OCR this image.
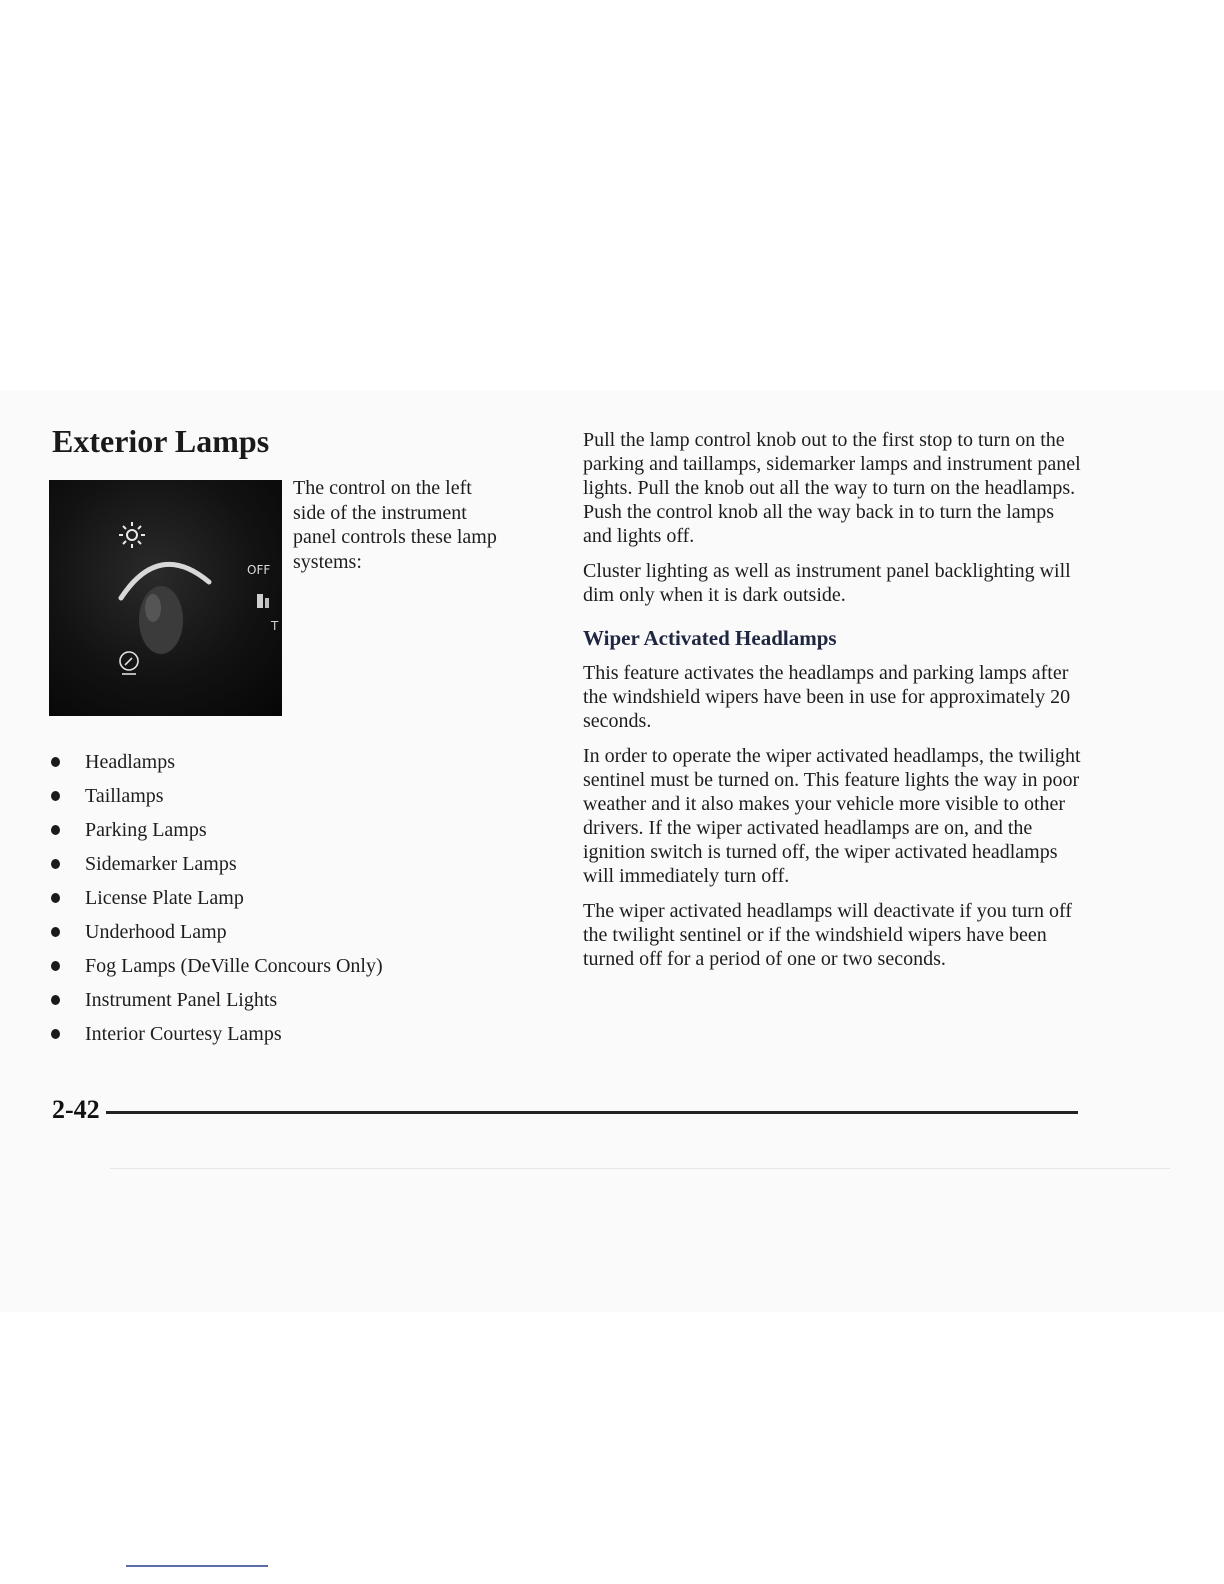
Exterior Lamps
OFF
T

The control on the left side of the instrument panel controls these lamp systems:

Headlamps
Taillamps
Parking Lamps
Sidemarker Lamps
License Plate Lamp
Underhood Lamp
Fog Lamps (DeVille Concours Only)
Instrument Panel Lights
Interior Courtesy Lamps

Pull the lamp control knob out to the first stop to turn on the parking and taillamps, sidemarker lamps and instrument panel lights. Pull the knob out all the way to turn on the headlamps. Push the control knob all the way back in to turn the lamps and lights off.

Cluster lighting as well as instrument panel backlighting will dim only when it is dark outside.

Wiper Activated Headlamps

This feature activates the headlamps and parking lamps after the windshield wipers have been in use for approximately 20 seconds.

In order to operate the wiper activated headlamps, the twilight sentinel must be turned on. This feature lights the way in poor weather and it also makes your vehicle more visible to other drivers. If the wiper activated headlamps are on, and the ignition switch is turned off, the wiper activated headlamps will immediately turn off.

The wiper activated headlamps will deactivate if you turn off the twilight sentinel or if the windshield wipers have been turned off for a period of one or two seconds.

2-42
